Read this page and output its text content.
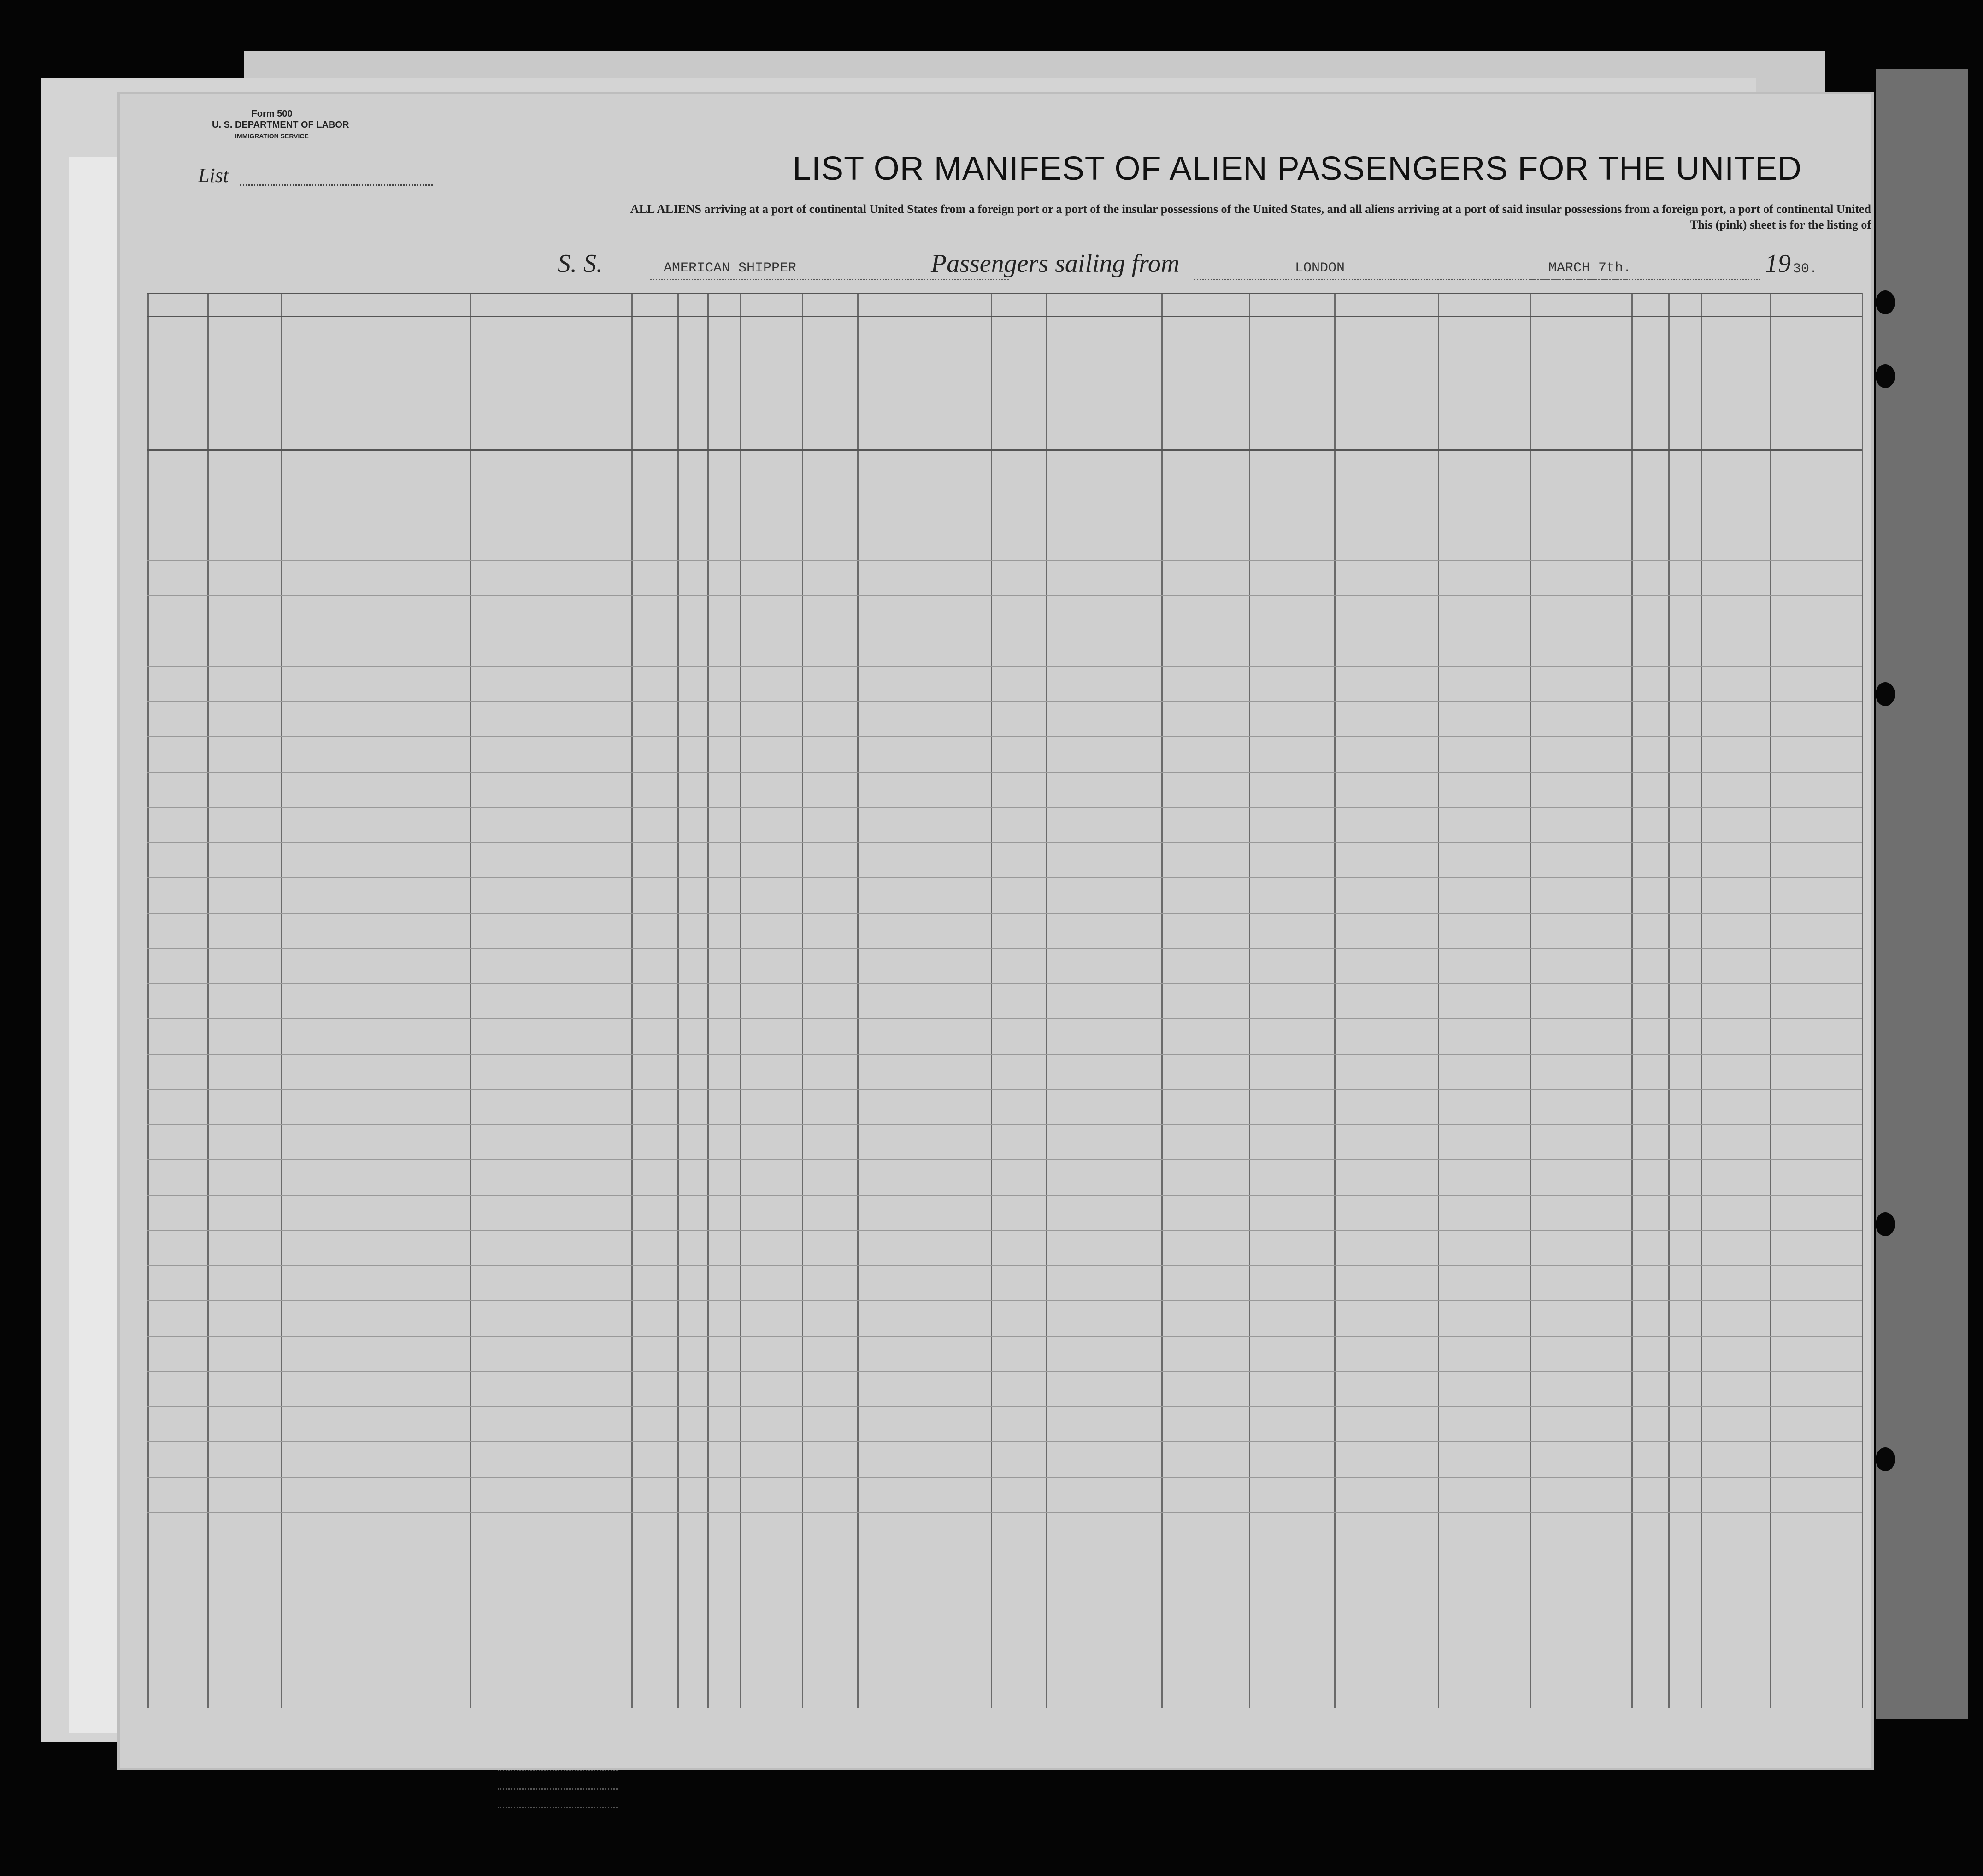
Form 500
U. S. DEPARTMENT OF LABOR
IMMIGRATION SERVICE
List	LIST OR MANIFEST OF ALIEN PASSENGERS FOR THE UNITED
ALL ALIENS arriving at a port of continental United States from a foreign port or a port of the insular possessions of the United States, and all aliens arriving at a port of said insular possessions from a foreign port, a port of continental United
This (pink) sheet is for the listing of
S. S.	AMERICAN SHIPPER	Passengers sailing from	LONDON	MARCH 7th.	19 30.
